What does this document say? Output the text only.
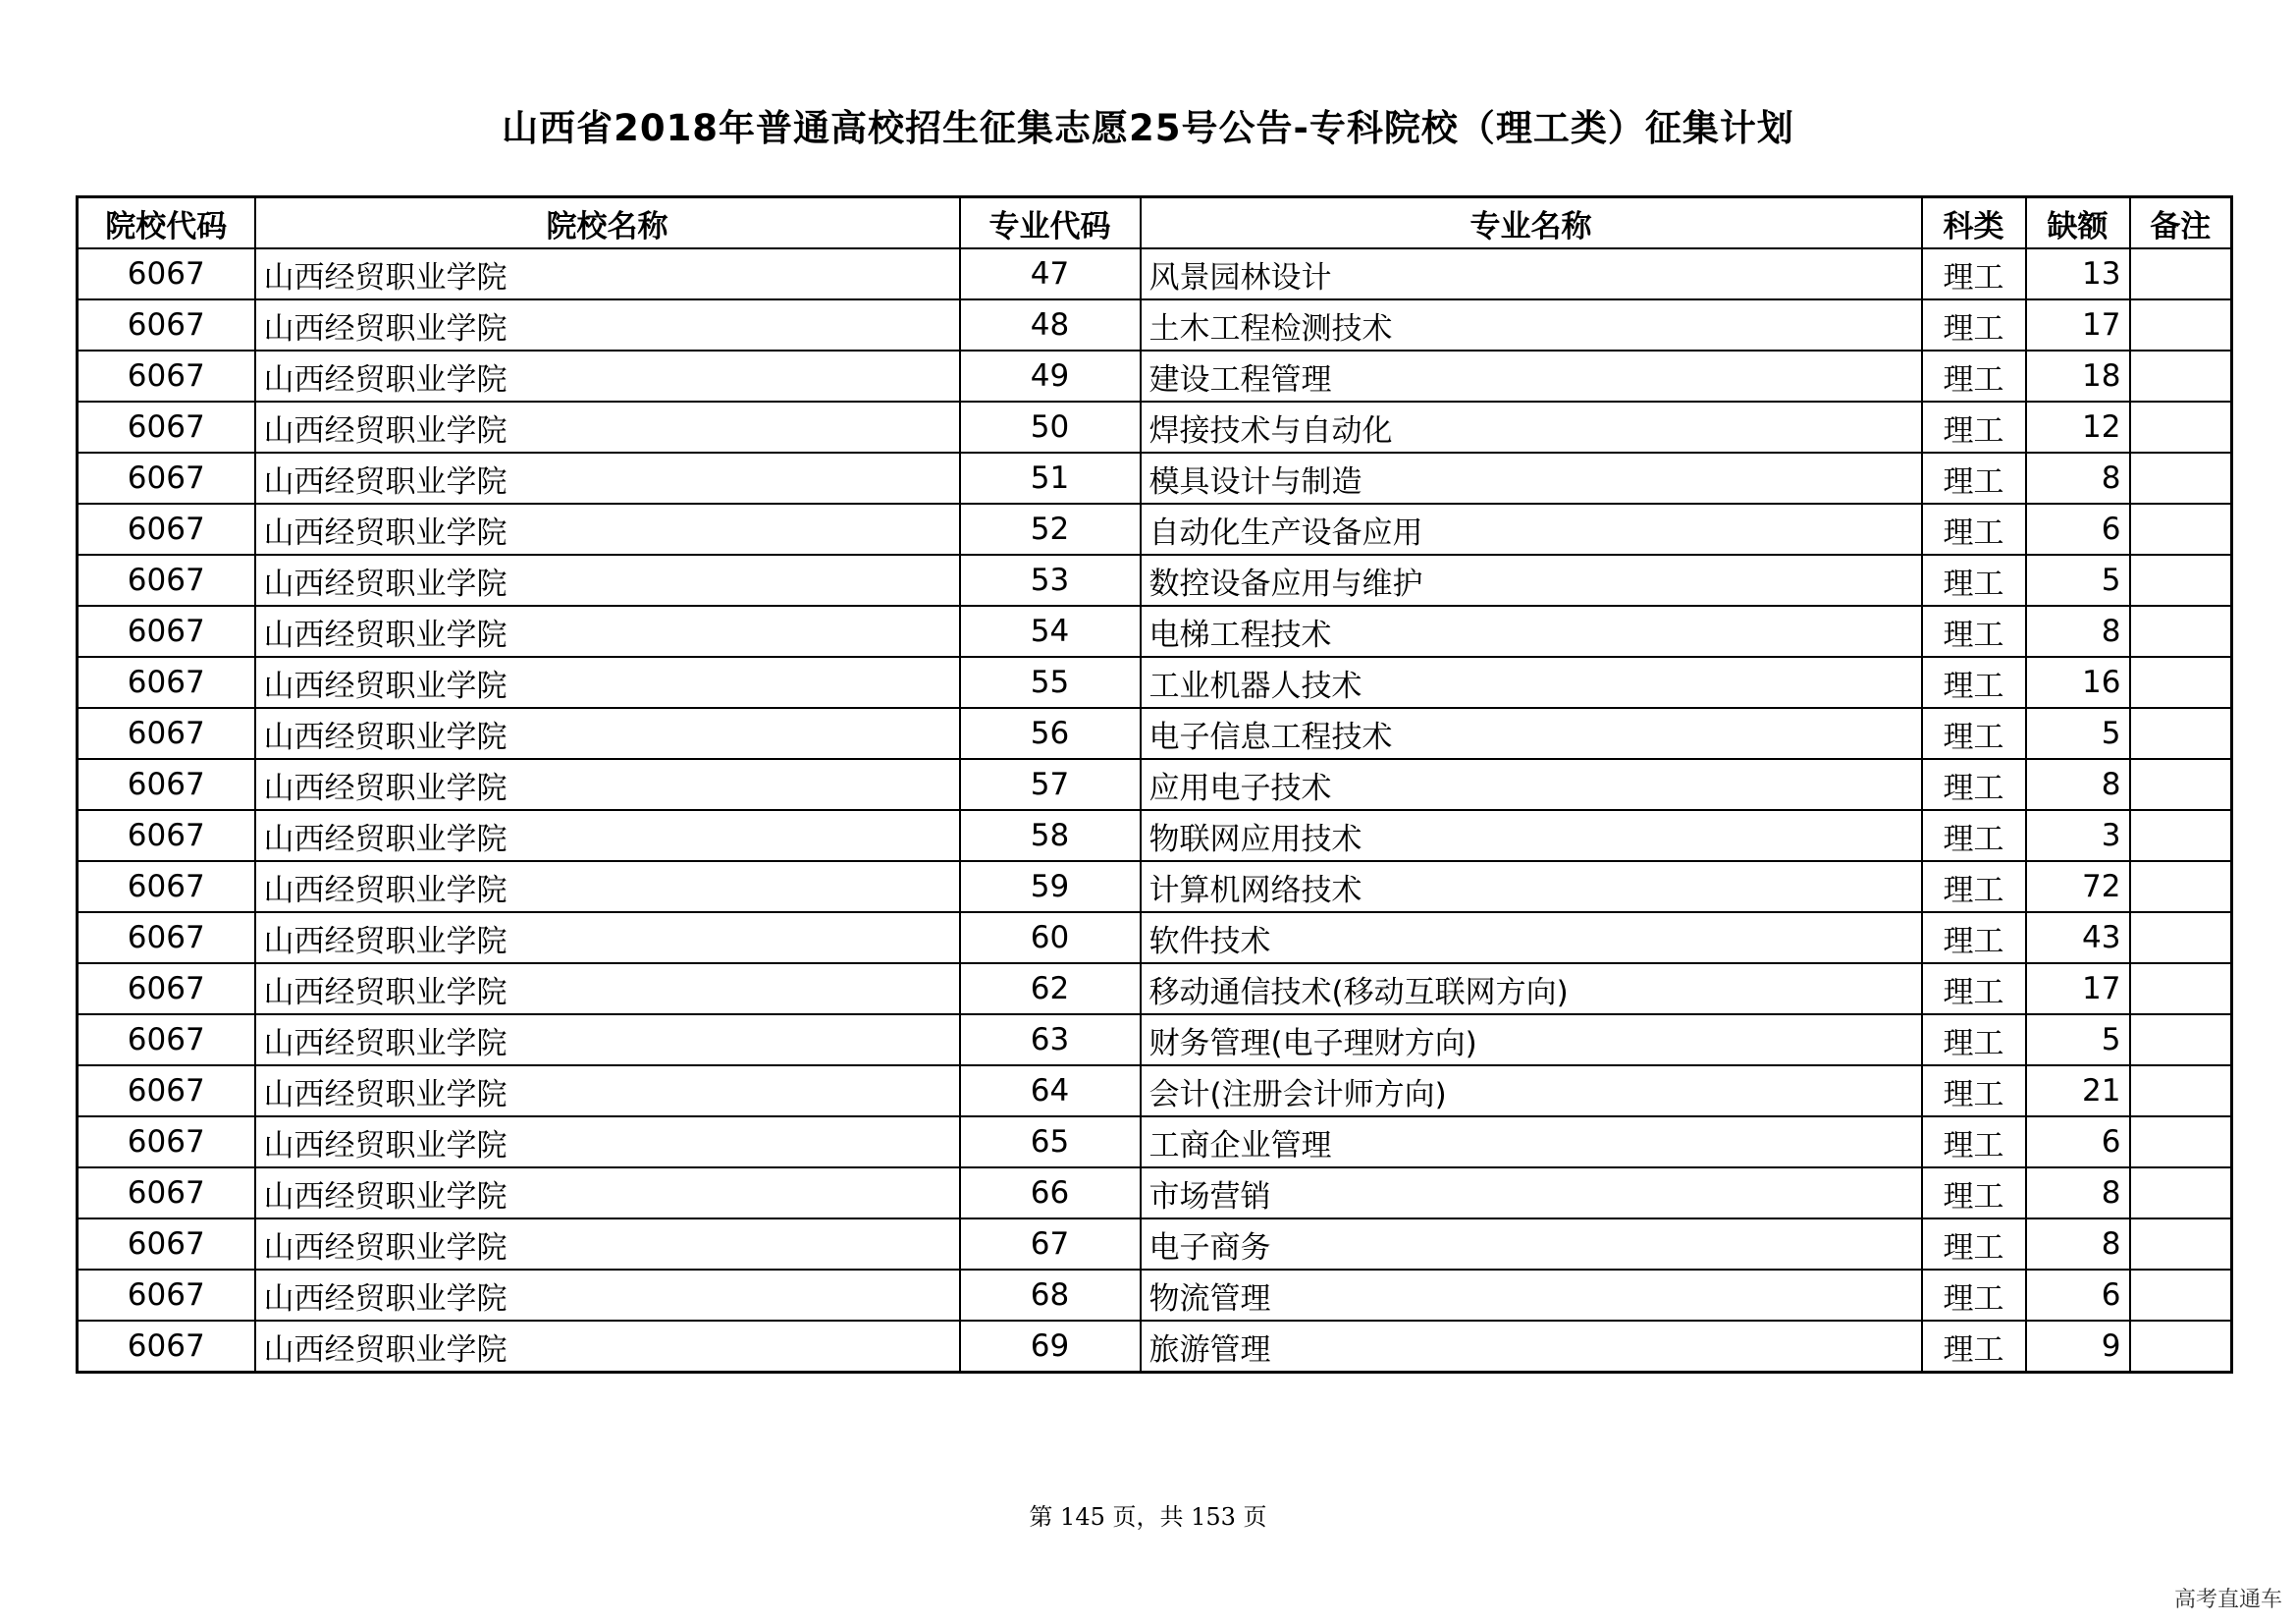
山西省2018年普通高校招生征集志愿25号公告-专科院校（理工类）征集计划
院校代码	院校名称	专业代码	专业名称	科类	缺额	备注
6067	山西经贸职业学院	47	风景园林设计	理工	13	
6067	山西经贸职业学院	48	土木工程检测技术	理工	17	
6067	山西经贸职业学院	49	建设工程管理	理工	18	
6067	山西经贸职业学院	50	焊接技术与自动化	理工	12	
6067	山西经贸职业学院	51	模具设计与制造	理工	8	
6067	山西经贸职业学院	52	自动化生产设备应用	理工	6	
6067	山西经贸职业学院	53	数控设备应用与维护	理工	5	
6067	山西经贸职业学院	54	电梯工程技术	理工	8	
6067	山西经贸职业学院	55	工业机器人技术	理工	16	
6067	山西经贸职业学院	56	电子信息工程技术	理工	5	
6067	山西经贸职业学院	57	应用电子技术	理工	8	
6067	山西经贸职业学院	58	物联网应用技术	理工	3	
6067	山西经贸职业学院	59	计算机网络技术	理工	72	
6067	山西经贸职业学院	60	软件技术	理工	43	
6067	山西经贸职业学院	62	移动通信技术(移动互联网方向)	理工	17	
6067	山西经贸职业学院	63	财务管理(电子理财方向)	理工	5	
6067	山西经贸职业学院	64	会计(注册会计师方向)	理工	21	
6067	山西经贸职业学院	65	工商企业管理	理工	6	
6067	山西经贸职业学院	66	市场营销	理工	8	
6067	山西经贸职业学院	67	电子商务	理工	8	
6067	山西经贸职业学院	68	物流管理	理工	6	
6067	山西经贸职业学院	69	旅游管理	理工	9	
第 145 页，共 153 页
高考直通车
